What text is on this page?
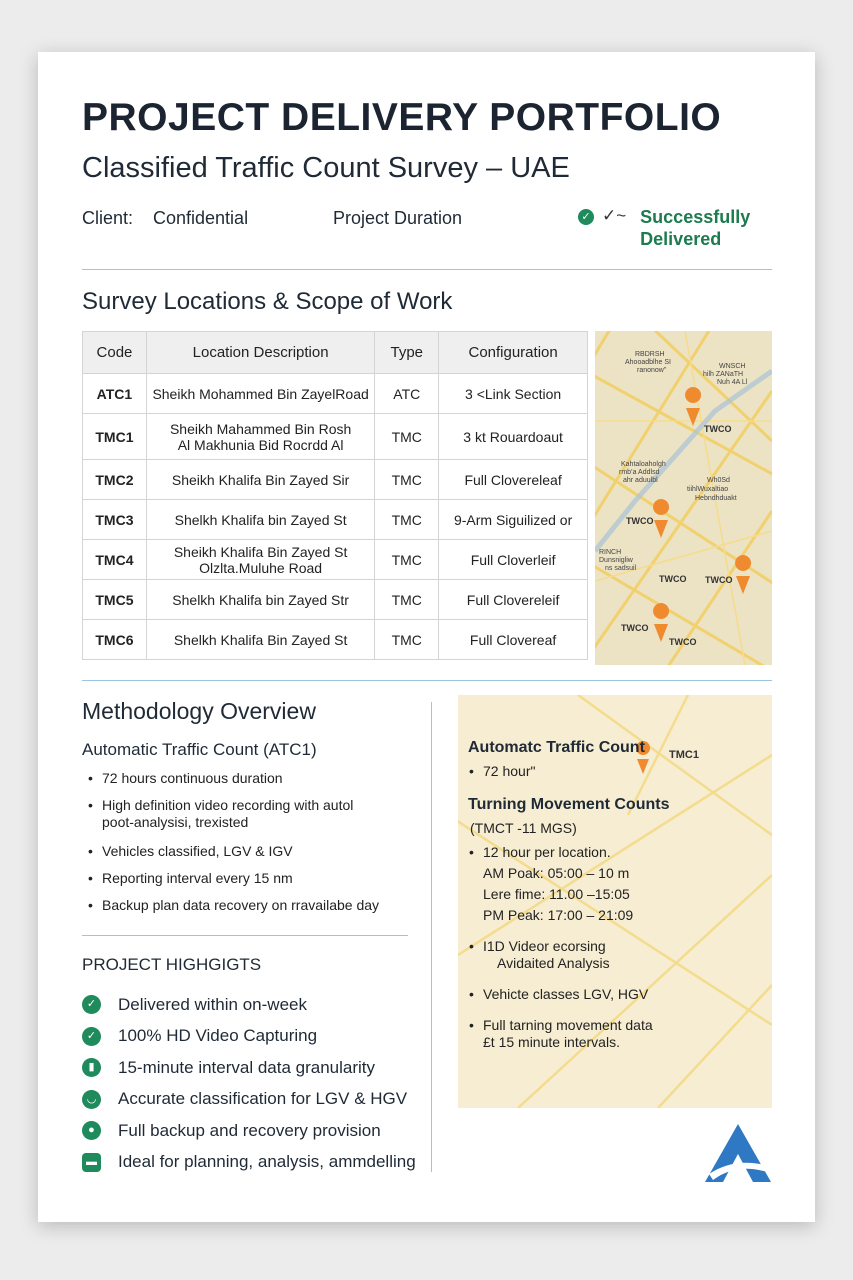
PROJECT DELIVERY PORTFOLIO
Classified Traffic Count Survey – UAE
Client: Confidential	Project Duration	✓ ✓~ Successfully
Delivered
Survey Locations & Scope of Work
Code	Location Description	Type	Configuration
ATC1	Sheikh Mohammed Bin ZayelRoad	ATC	3 <Link Section
TMC1	Sheikh Mahammed Bin Rosh
Al Makhunia Bid Rocrdd Al	TMC	3 kt Rouardoaut
TMC2	Sheikh Khalifa Bin Zayed Sir	TMC	Full Clovereleaf
TMC3	Shelkh Khalifa bin Zayed St	TMC	9-Arm Siguilized or
TMC4	Sheikh Khalifa Bin Zayed St
Olzlta.Muluhe Road	TMC	Full Cloverleif
TMC5	Shelkh Khalifa bin Zayed Str	TMC	Full Clovereleif
TMC6	Shelkh Khalifa Bin Zayed St	TMC	Full Clovereaf
RBDRSH
Ahooadblhe SI
ranonow"
WNSCH
hilh ZANaTH
Nuh 4A Ll
Kahtaloaholgh
rmb’a Addlsd
ahr aduulbl	Wh0Sd
tiihlWuxaltiao
Hebndhduakt
RINCH
Dunsnigliw
ns sadsuil
TWCO
TWCO
TWCO TWCO
TWCO
TWCO
Methodology Overview
Automatic Traffic Count (ATC1)
• 72 hours continuous duration
• High definition video recording with autol
poot-analysisi, trexisted
• Vehicles classified, LGV & IGV
• Reporting interval every 15 nm
• Backup plan data recovery on rravailabe day
PROJECT HIGHGIGTS
✓ Delivered within on-week
✓ 100% HD Video Capturing
▮	15-minute interval data granularity
◡ Accurate classification for LGV & HGV
●	Full backup and recovery provision
▬ Ideal for planning, analysis, ammdelling
TMC1
Automatc Traffic Count
• 72 hour"
Turning Movement Counts
(TMCT -11 MGS)
• 12 hour per location.
AM Poak: 05:00 – 10 m
Lere fime: 11.00 –15:05
PM Peak: 17:00 – 21:09
• I1D Videor ecorsing
Avidaited Analysis
• Vehicte classes LGV, HGV
• Full tarning movement data
£t 15 minute intervals.
